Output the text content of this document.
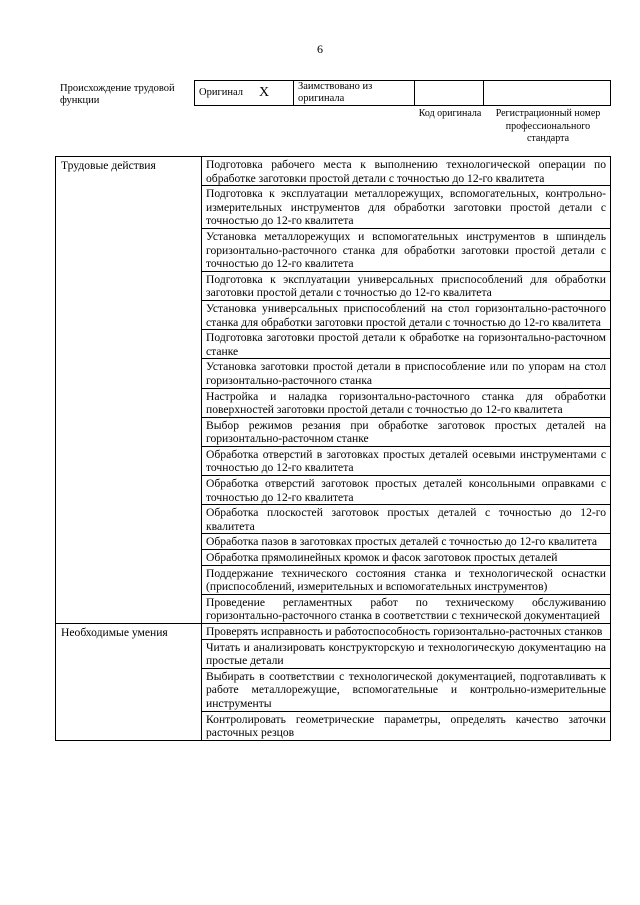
6
Происхождение трудовой функции
Оригинал	X	Заимствовано из оригинала		
Код оригинала	Регистрационный номер профессионального стандарта
Трудовые действия	Подготовка рабочего места к выполнению технологической операции по обработке заготовки простой детали с точностью до 12-го квалитета
	Подготовка к эксплуатации металлорежущих, вспомогательных, контрольно-измерительных инструментов для обработки заготовки простой детали с точностью до 12-го квалитета
	Установка металлорежущих и вспомогательных инструментов в шпиндель горизонтально-расточного станка для обработки заготовки простой детали с точностью до 12-го квалитета
	Подготовка к эксплуатации универсальных приспособлений для обработки заготовки простой детали с точностью до 12-го квалитета
	Установка универсальных приспособлений на стол горизонтально-расточного станка для обработки заготовки простой детали с точностью до 12-го квалитета
	Подготовка заготовки простой детали к обработке на горизонтально-расточном станке
	Установка заготовки простой детали в приспособление или по упорам на стол горизонтально-расточного станка
	Настройка и наладка горизонтально-расточного станка для обработки поверхностей заготовки простой детали с точностью до 12-го квалитета
	Выбор режимов резания при обработке заготовок простых деталей на горизонтально-расточном станке
	Обработка отверстий в заготовках простых деталей осевыми инструментами с точностью до 12-го квалитета
	Обработка отверстий заготовок простых деталей консольными оправками с точностью до 12-го квалитета
	Обработка плоскостей заготовок простых деталей с точностью до 12-го квалитета
	Обработка пазов в заготовках простых деталей с точностью до 12-го квалитета
	Обработка прямолинейных кромок и фасок заготовок простых деталей
	Поддержание технического состояния станка и технологической оснастки (приспособлений, измерительных и вспомогательных инструментов)
	Проведение регламентных работ по техническому обслуживанию горизонтально-расточного станка в соответствии с технической документацией
Необходимые умения	Проверять исправность и работоспособность горизонтально-расточных станков
	Читать и анализировать конструкторскую и технологическую документацию на простые детали
	Выбирать в соответствии с технологической документацией, подготавливать к работе металлорежущие, вспомогательные и контрольно-измерительные инструменты
	Контролировать геометрические параметры, определять качество заточки расточных резцов
